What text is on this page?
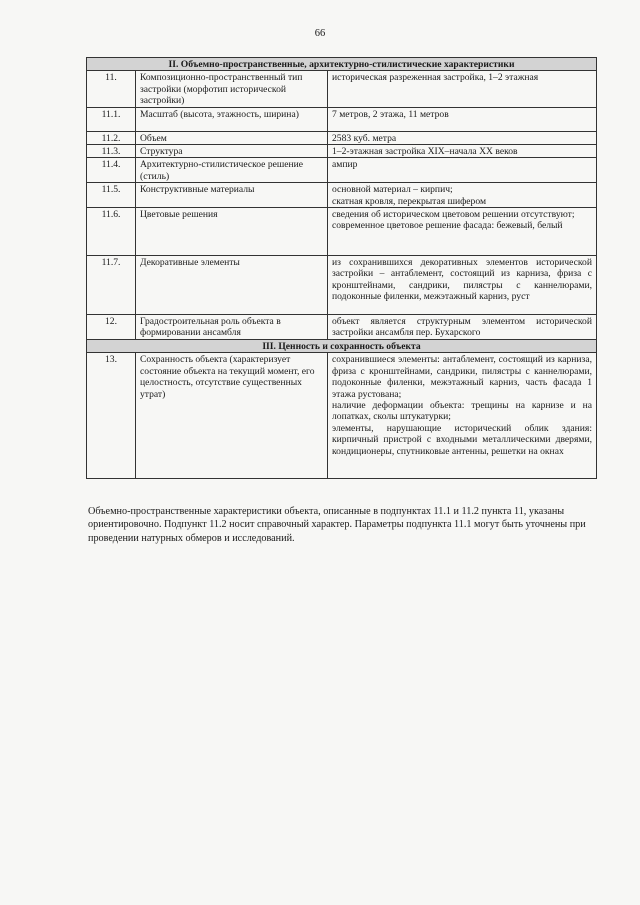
66
II. Объемно-пространственные, архитектурно-стилистические характеристики		
11.	Композиционно-пространственный тип застройки (морфотип исторической застройки)	историческая разреженная застройка, 1–2 этажная

11.1.	Масштаб (высота, этажность, ширина)	7 метров, 2 этажа, 11 метров

11.2.	Объем	2583 куб. метра

11.3.	Структура	1–2-этажная застройка XIX–начала XX веков

11.4.	Архитектурно-стилистическое решение (стиль)	ампир

11.5.	Конструктивные материалы	основной материал – кирпич;

скатная кровля, перекрытая шифером

11.6.	Цветовые решения	сведения об историческом цветовом решении отсутствуют;

современное цветовое решение фасада: бежевый, белый

11.7.	Декоративные элементы	из сохранившихся декоративных элементов исторической застройки – антаблемент, состоящий из карниза, фриза с кронштейнами, сандрики, пилястры с каннелюрами, подоконные филенки, межэтажный карниз, руст

12.	Градостроительная роль объекта в формировании ансамбля	объект является структурным элементом исторической застройки ансамбля пер. Бухарского

III. Ценность и сохранность объекта		
13.	Сохранность объекта (характеризует состояние объекта на текущий момент, его целостность, отсутствие существенных утрат)	сохранившиеся элементы: антаблемент, состоящий из карниза, фриза с кронштейнами, сандрики, пилястры с каннелюрами, подоконные филенки, межэтажный карниз, часть фасада 1 этажа рустована;

наличие деформации объекта: трещины на карнизе и на лопатках, сколы штукатурки;

элементы, нарушающие исторический облик здания: кирпичный пристрой с входными металлическими дверями, кондиционеры, спутниковые антенны, решетки на окнах

Объемно-пространственные характеристики объекта, описанные в подпунктах 11.1 и 11.2 пункта 11, указаны ориентировочно. Подпункт 11.2 носит справочный характер. Параметры подпункта 11.1 могут быть уточнены при проведении натурных обмеров и исследований.
